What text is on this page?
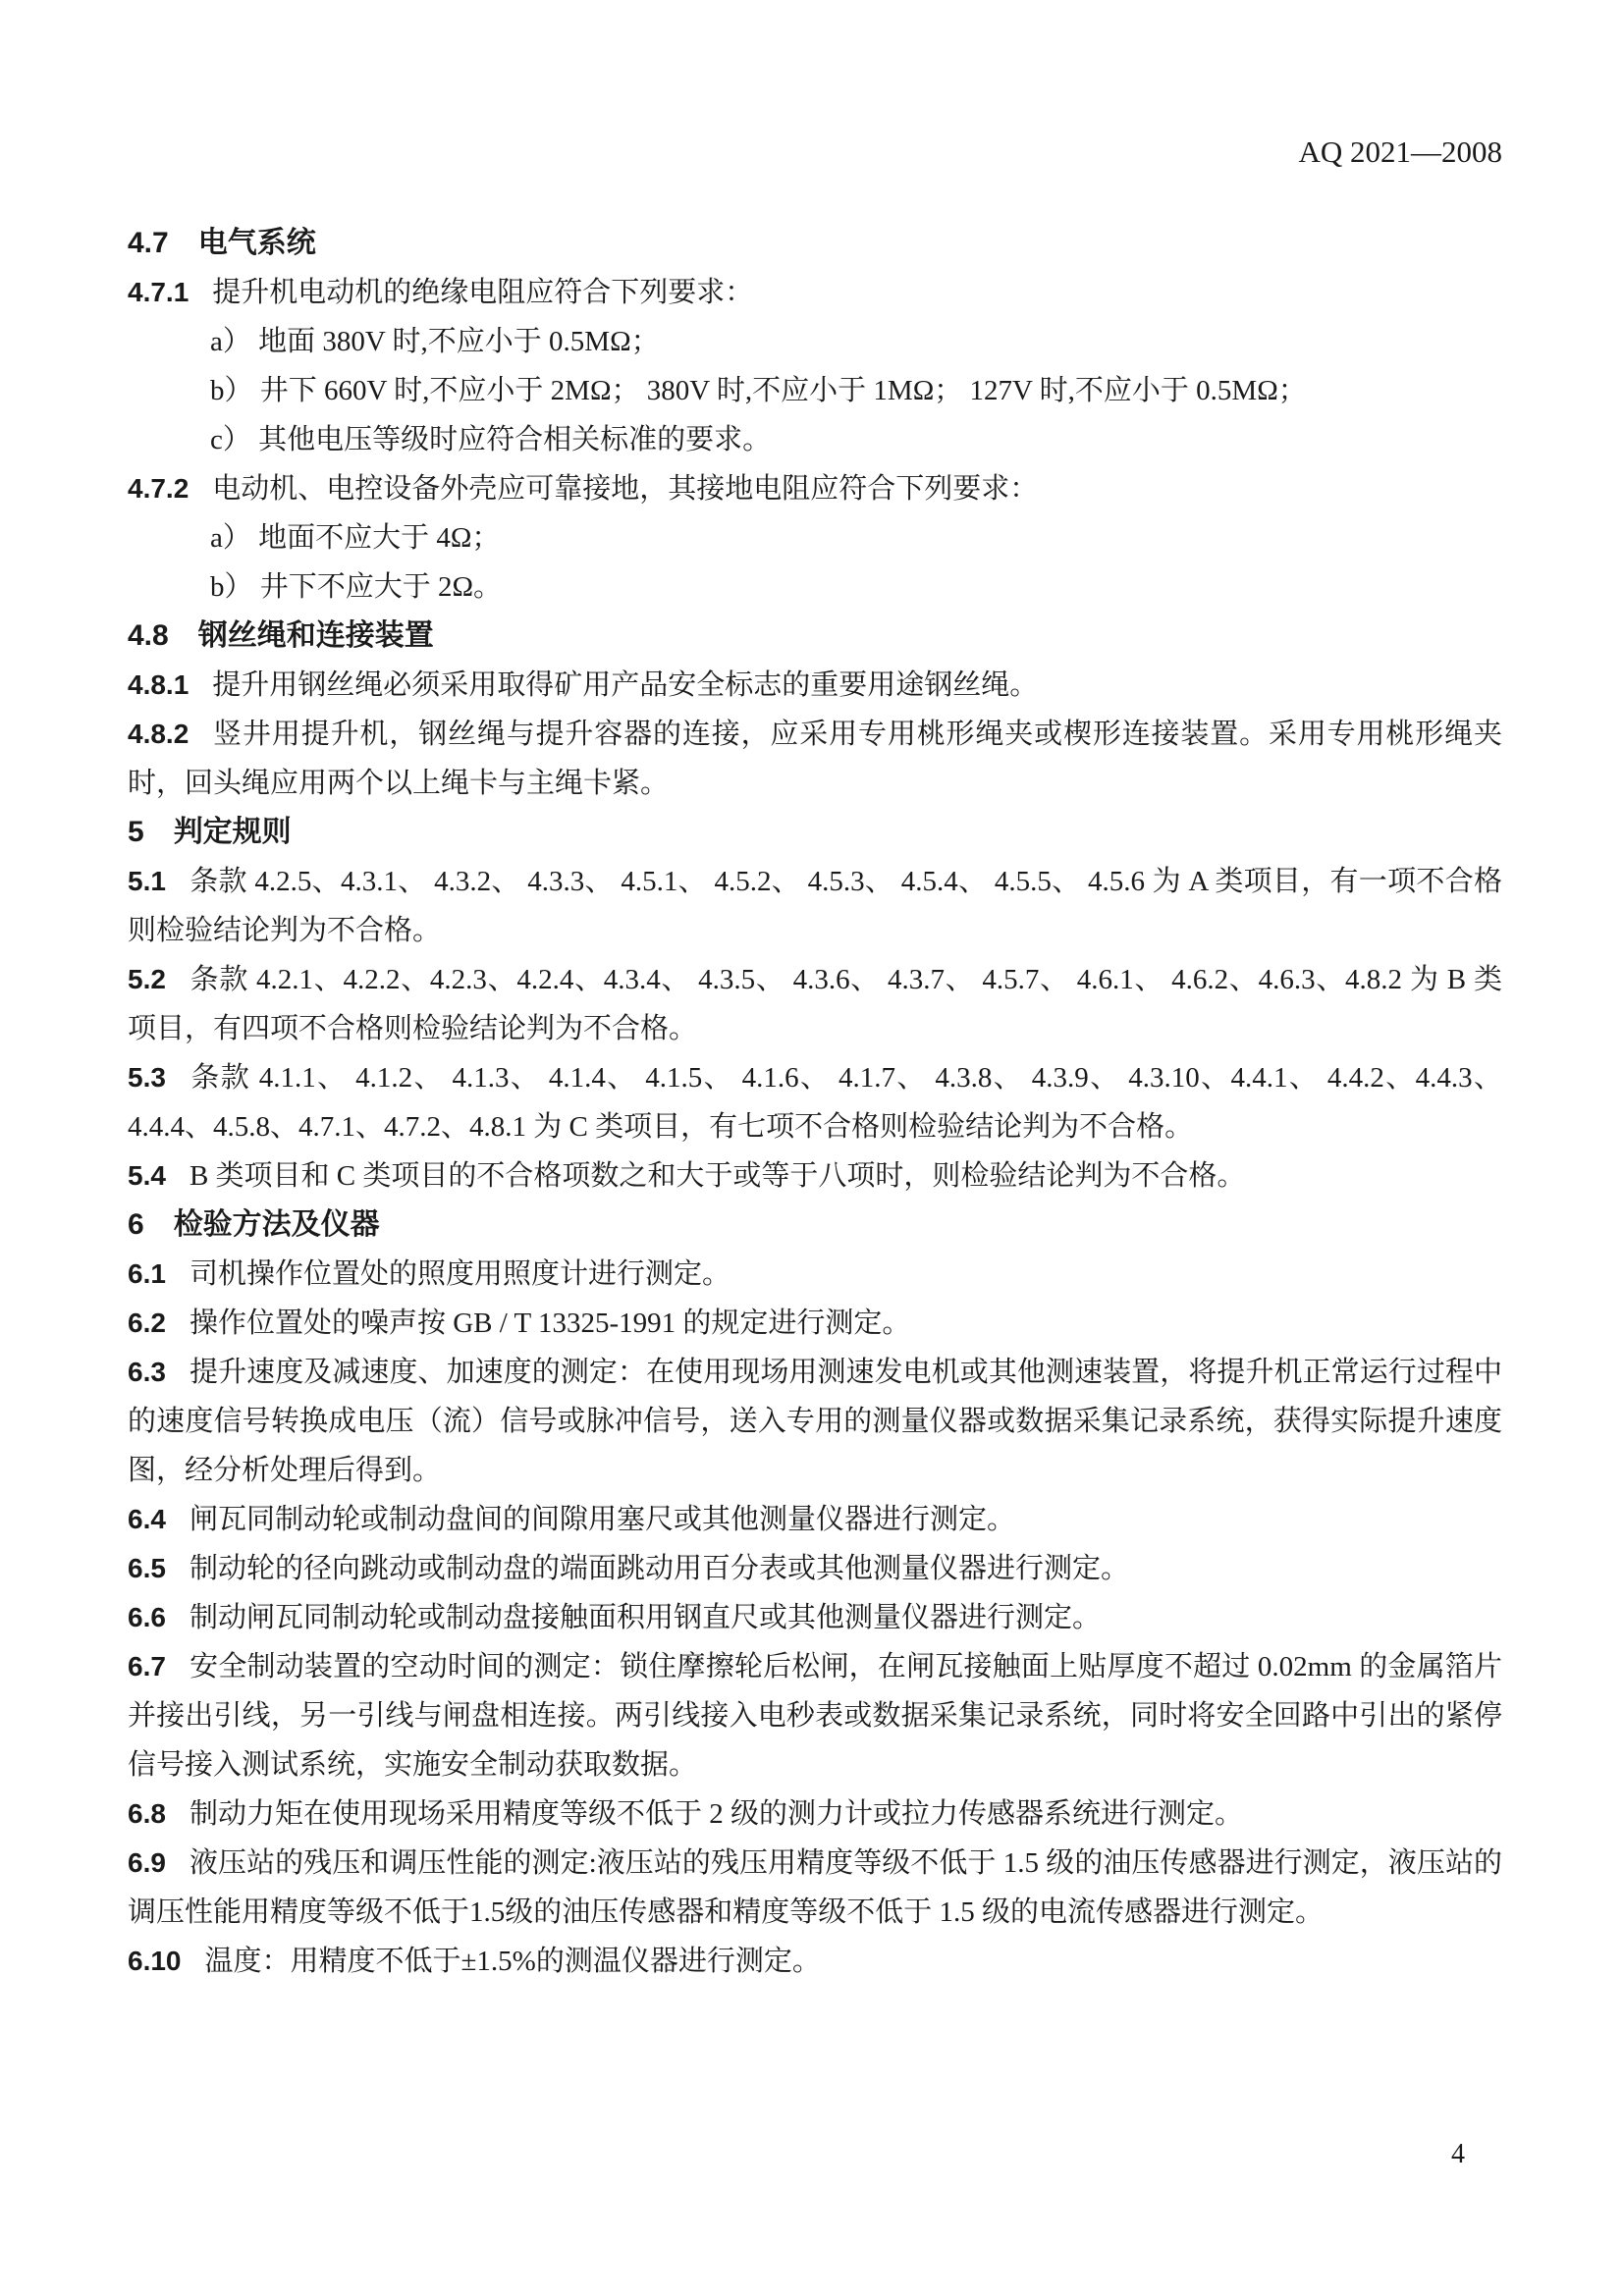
AQ 2021—2008
4.7 电气系统

4.7.1 提升机电动机的绝缘电阻应符合下列要求：

a） 地面 380V 时,不应小于 0.5MΩ；

b） 井下 660V 时,不应小于 2MΩ； 380V 时,不应小于 1MΩ； 127V 时,不应小于 0.5MΩ；

c） 其他电压等级时应符合相关标准的要求。

4.7.2 电动机、电控设备外壳应可靠接地，其接地电阻应符合下列要求：

a） 地面不应大于 4Ω；

b） 井下不应大于 2Ω。

4.8 钢丝绳和连接装置

4.8.1 提升用钢丝绳必须采用取得矿用产品安全标志的重要用途钢丝绳。

4.8.2 竖井用提升机，钢丝绳与提升容器的连接，应采用专用桃形绳夹或楔形连接装置。采用专用桃形绳夹时，回头绳应用两个以上绳卡与主绳卡紧。

5 判定规则

5.1 条款 4.2.5、4.3.1、 4.3.2、 4.3.3、 4.5.1、 4.5.2、 4.5.3、 4.5.4、 4.5.5、 4.5.6 为 A 类项目，有一项不合格则检验结论判为不合格。

5.2 条款 4.2.1、4.2.2、4.2.3、4.2.4、4.3.4、 4.3.5、 4.3.6、 4.3.7、 4.5.7、 4.6.1、 4.6.2、4.6.3、4.8.2 为 B 类项目，有四项不合格则检验结论判为不合格。

5.3 条款 4.1.1、 4.1.2、 4.1.3、 4.1.4、 4.1.5、 4.1.6、 4.1.7、 4.3.8、 4.3.9、 4.3.10、4.4.1、 4.4.2、4.4.3、4.4.4、4.5.8、4.7.1、4.7.2、4.8.1 为 C 类项目，有七项不合格则检验结论判为不合格。

5.4 B 类项目和 C 类项目的不合格项数之和大于或等于八项时，则检验结论判为不合格。

6 检验方法及仪器

6.1 司机操作位置处的照度用照度计进行测定。

6.2 操作位置处的噪声按 GB / T 13325-1991 的规定进行测定。

6.3 提升速度及减速度、加速度的测定：在使用现场用测速发电机或其他测速装置，将提升机正常运行过程中的速度信号转换成电压（流）信号或脉冲信号，送入专用的测量仪器或数据采集记录系统，获得实际提升速度图，经分析处理后得到。

6.4 闸瓦同制动轮或制动盘间的间隙用塞尺或其他测量仪器进行测定。

6.5 制动轮的径向跳动或制动盘的端面跳动用百分表或其他测量仪器进行测定。

6.6 制动闸瓦同制动轮或制动盘接触面积用钢直尺或其他测量仪器进行测定。

6.7 安全制动装置的空动时间的测定：锁住摩擦轮后松闸，在闸瓦接触面上贴厚度不超过 0.02mm 的金属箔片并接出引线，另一引线与闸盘相连接。两引线接入电秒表或数据采集记录系统，同时将安全回路中引出的紧停信号接入测试系统，实施安全制动获取数据。

6.8 制动力矩在使用现场采用精度等级不低于 2 级的测力计或拉力传感器系统进行测定。

6.9 液压站的残压和调压性能的测定:液压站的残压用精度等级不低于 1.5 级的油压传感器进行测定，液压站的调压性能用精度等级不低于1.5级的油压传感器和精度等级不低于 1.5 级的电流传感器进行测定。

6.10 温度：用精度不低于±1.5%的测温仪器进行测定。

4
